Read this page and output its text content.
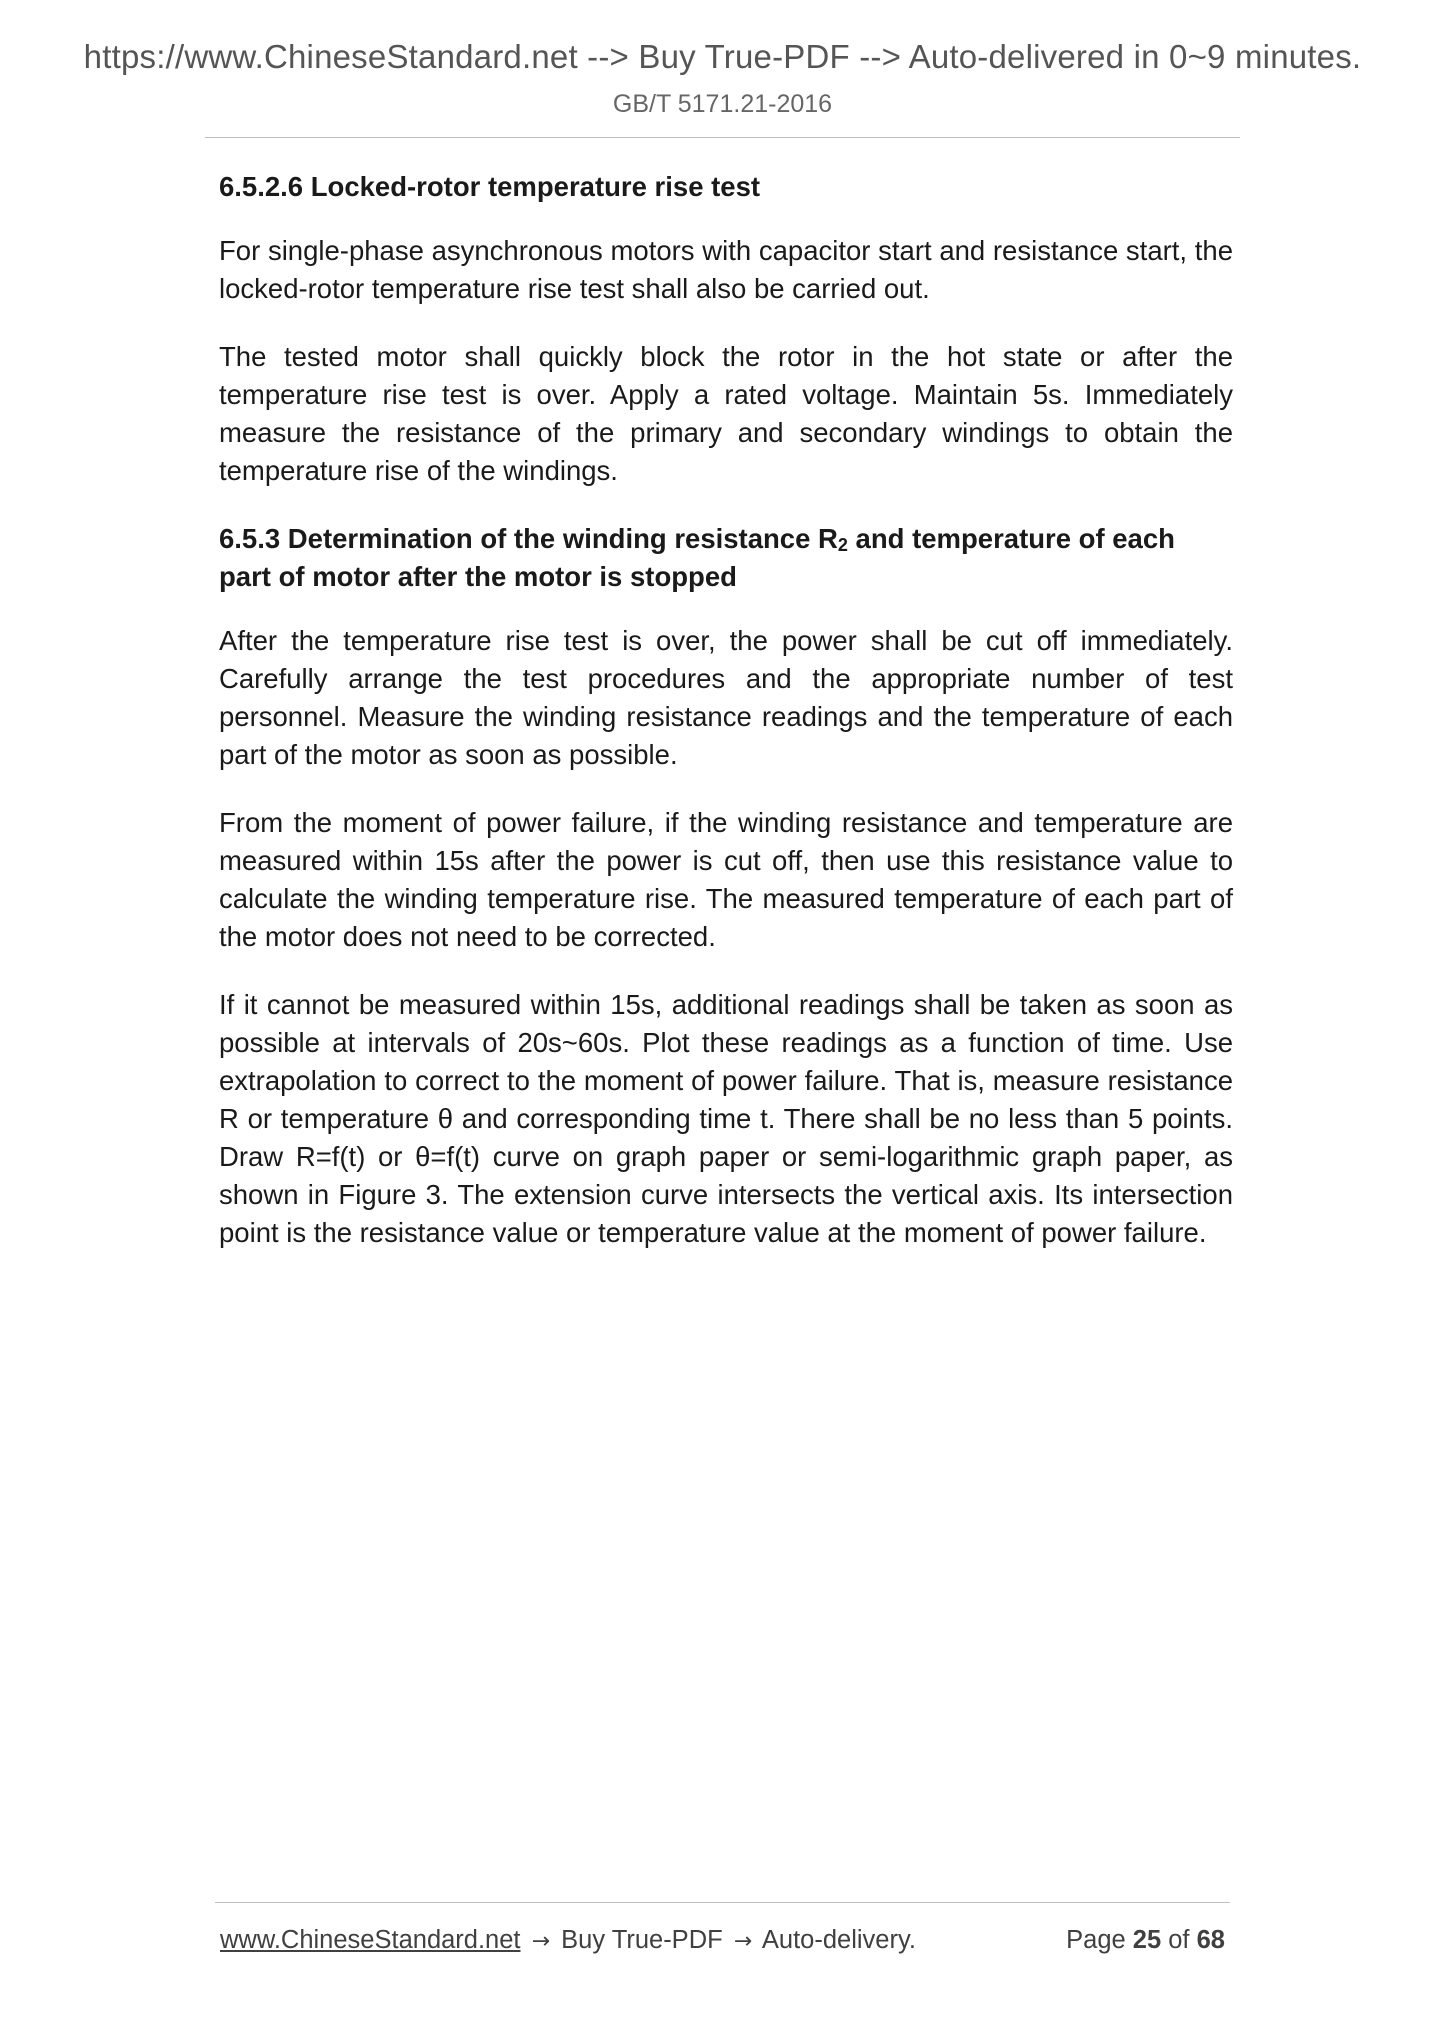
https://www.ChineseStandard.net --> Buy True-PDF --> Auto-delivered in 0~9 minutes.
GB/T 5171.21-2016
6.5.2.6 Locked-rotor temperature rise test

For single-phase asynchronous motors with capacitor start and resistance start, the locked-rotor temperature rise test shall also be carried out.

The tested motor shall quickly block the rotor in the hot state or after the temperature rise test is over. Apply a rated voltage. Maintain 5s. Immediately measure the resistance of the primary and secondary windings to obtain the temperature rise of the windings.

6.5.3 Determination of the winding resistance $R_2$ and temperature of each part of motor after the motor is stopped

After the temperature rise test is over, the power shall be cut off immediately. Carefully arrange the test procedures and the appropriate number of test personnel. Measure the winding resistance readings and the temperature of each part of the motor as soon as possible.

From the moment of power failure, if the winding resistance and temperature are measured within 15s after the power is cut off, then use this resistance value to calculate the winding temperature rise. The measured temperature of each part of the motor does not need to be corrected.

If it cannot be measured within 15s, additional readings shall be taken as soon as possible at intervals of 20s~60s. Plot these readings as a function of time. Use extrapolation to correct to the moment of power failure. That is, measure resistance R or temperature θ and corresponding time t. There shall be no less than 5 points. Draw R=f(t) or θ=f(t) curve on graph paper or semi-logarithmic graph paper, as shown in Figure 3. The extension curve intersects the vertical axis. Its intersection point is the resistance value or temperature value at the moment of power failure.

www.ChineseStandard.net → Buy True-PDF → Auto-delivery.	Page 25 of 68
